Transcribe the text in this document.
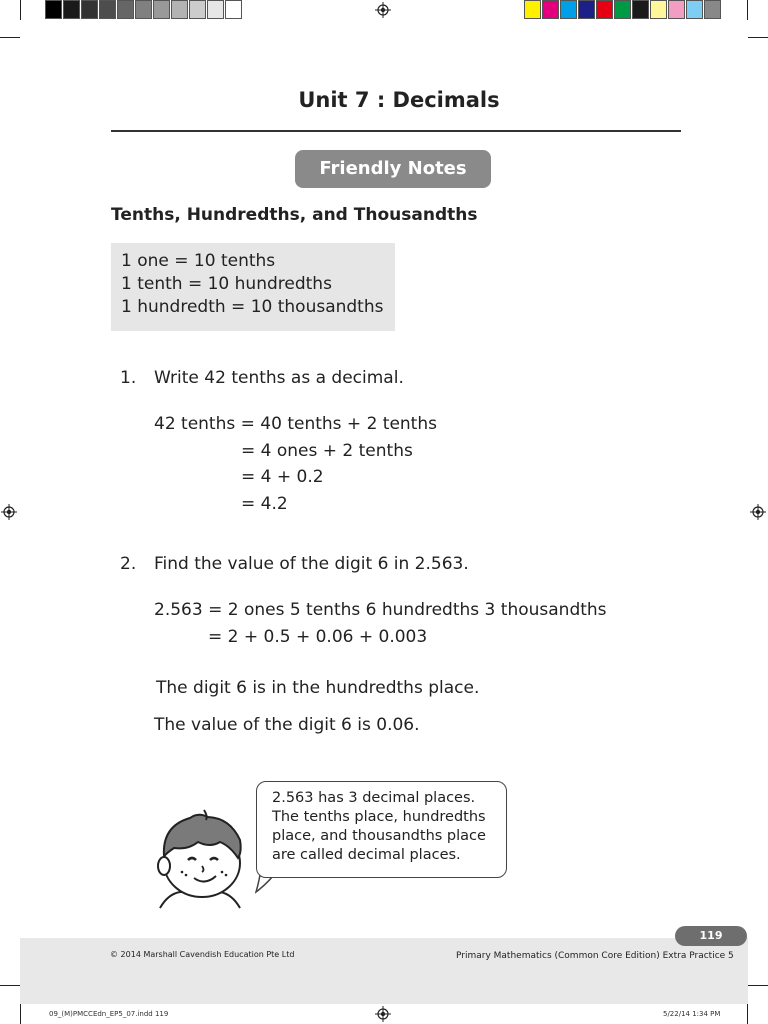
Unit 7 : Decimals
Friendly Notes
Tenths, Hundredths, and Thousandths
1 one = 10 tenths
1 tenth = 10 hundredths
1 hundredth = 10 thousandths
1. Write 42 tenths as a decimal.
42 tenths = 40 tenths + 2 tenths
= 4 ones + 2 tenths
= 4 + 0.2
= 4.2
2. Find the value of the digit 6 in 2.563.
2.563 = 2 ones 5 tenths 6 hundredths 3 thousandths
= 2 + 0.5 + 0.06 + 0.003
The digit 6 is in the hundredths place.
The value of the digit 6 is 0.06.
2.563 has 3 decimal places.
The tenths place, hundredths
place, and thousandths place
are called decimal places.
119
© 2014 Marshall Cavendish Education Pte Ltd	Primary Mathematics (Common Core Edition) Extra Practice 5
09_(M)PMCCEdn_EP5_07.indd 119	5/22/14 1:34 PM
